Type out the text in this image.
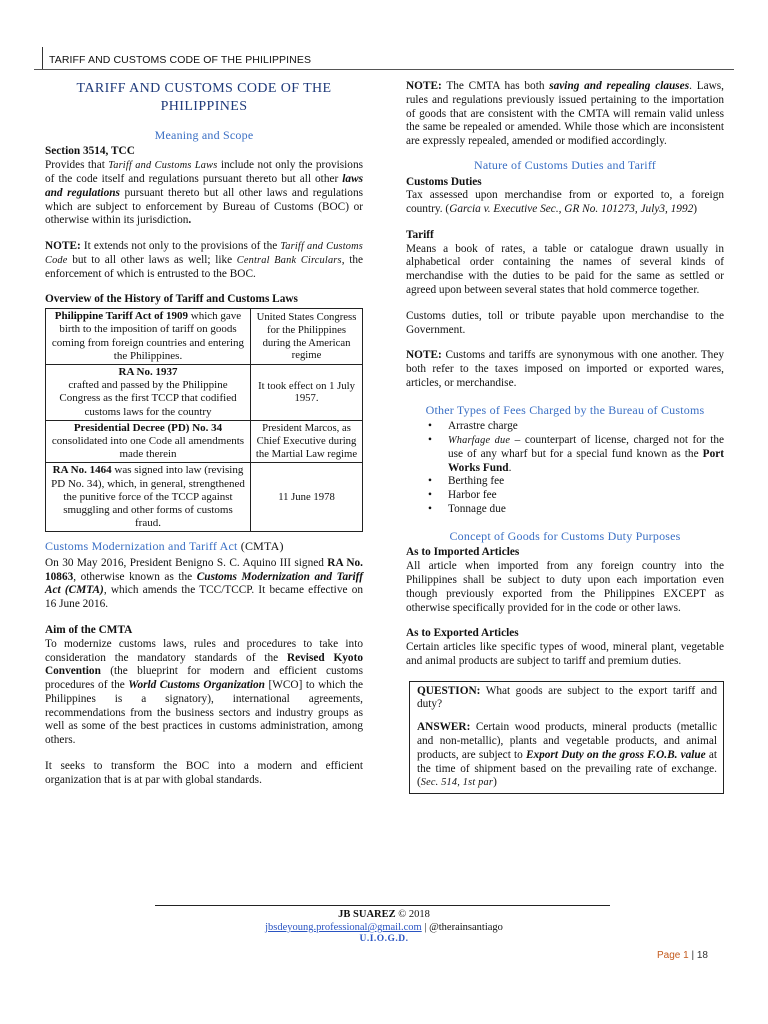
TARIFF AND CUSTOMS CODE OF THE PHILIPPINES
TARIFF AND CUSTOMS CODE OF THE
PHILIPPINES
Meaning and Scope
Section 3514, TCC

Provides that Tariff and Customs Laws include not only the provisions of the code itself and regulations pursuant thereto but all other laws and regulations pursuant thereto but all other laws and regulations which are subject to enforcement by Bureau of Customs (BOC) or otherwise within its jurisdiction.

NOTE: It extends not only to the provisions of the Tariff and Customs Code but to all other laws as well; like Central Bank Circulars, the enforcement of which is entrusted to the BOC.

Overview of the History of Tariff and Customs Laws
Philippine Tariff Act of 1909 which gave birth to the imposition of tariff on goods coming from foreign countries and entering the Philippines.	United States Congress for the Philippines during the American regime
RA No. 1937
crafted and passed by the Philippine Congress as the first TCCP that codified customs laws for the country	It took effect on 1 July 1957.
Presidential Decree (PD) No. 34
consolidated into one Code all amendments made therein	President Marcos, as Chief Executive during the Martial Law regime
RA No. 1464 was signed into law (revising PD No. 34), which, in general, strengthened the punitive force of the TCCP against smuggling and other forms of customs fraud.	11 June 1978
Customs Modernization and Tariff Act (CMTA)

On 30 May 2016, President Benigno S. C. Aquino III signed RA No. 10863, otherwise known as the Customs Modernization and Tariff Act (CMTA), which amends the TCC/TCCP. It became effective on 16 June 2016.

Aim of the CMTA

To modernize customs laws, rules and procedures to take into consideration the mandatory standards of the Revised Kyoto Convention (the blueprint for modern and efficient customs procedures of the World Customs Organization [WCO] to which the Philippines is a signatory), international agreements, recommendations from the business sectors and industry groups as well as some of the best practices in customs administration, among others.

It seeks to transform the BOC into a modern and efficient organization that is at par with global standards.

NOTE: The CMTA has both saving and repealing clauses. Laws, rules and regulations previously issued pertaining to the importation of goods that are consistent with the CMTA will remain valid unless the same be repealed or amended. While those which are inconsistent are expressly repealed, amended or modified accordingly.

Nature of Customs Duties and Tariff
Customs Duties

Tax assessed upon merchandise from or exported to, a foreign country. (Garcia v. Executive Sec., GR No. 101273, July3, 1992)

Tariff

Means a book of rates, a table or catalogue drawn usually in alphabetical order containing the names of several kinds of merchandise with the duties to be paid for the same as settled or agreed upon between several states that hold commerce together.

Customs duties, toll or tribute payable upon merchandise to the Government.

NOTE: Customs and tariffs are synonymous with one another. They both refer to the taxes imposed on imported or exported wares, articles, or merchandise.

Other Types of Fees Charged by the Bureau of Customs
• Arrastre charge
• Wharfage due – counterpart of license, charged not for the use of any wharf but for a special fund known as the Port Works Fund.
• Berthing fee
• Harbor fee
• Tonnage due
Concept of Goods for Customs Duty Purposes
As to Imported Articles

All article when imported from any foreign country into the Philippines shall be subject to duty upon each importation even though previously exported from the Philippines EXCEPT as otherwise specifically provided for in the code or other laws.

As to Exported Articles

Certain articles like specific types of wood, mineral plant, vegetable and animal products are subject to tariff and premium duties.

QUESTION: What goods are subject to the export tariff and duty?

ANSWER: Certain wood products, mineral products (metallic and non-metallic), plants and vegetable products, and animal products, are subject to Export Duty on the gross F.O.B. value at the time of shipment based on the prevailing rate of exchange. (Sec. 514, 1st par)

JB SUAREZ © 2018
jbsdeyoung.professional@gmail.com | @therainsantiago
U.I.O.G.D.
Page 1 | 18
